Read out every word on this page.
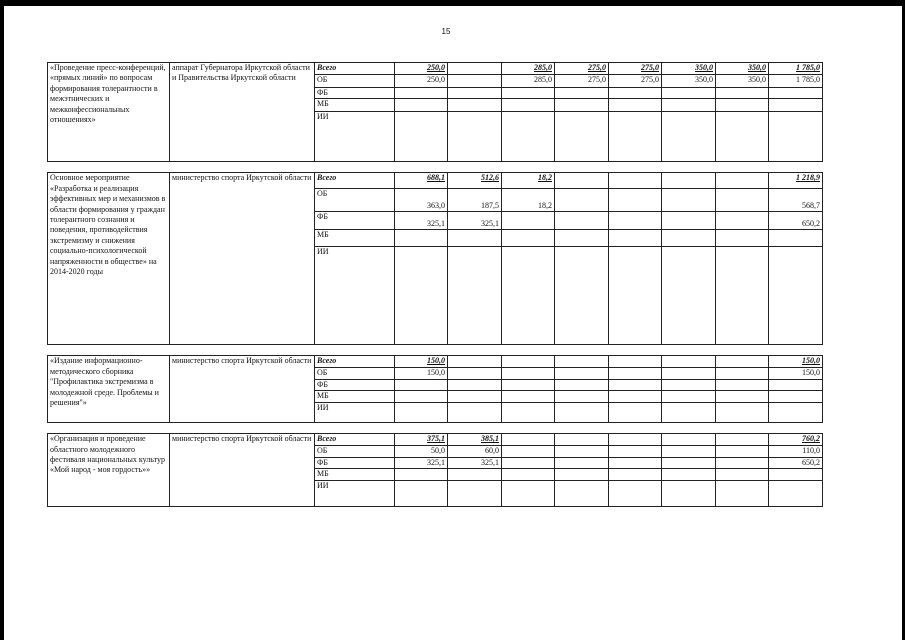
15
«Проведение пресс-конференций, «прямых линий» по вопросам формирования толерантности в межэтнических и межконфессиональных отношениях»	аппарат Губернатора Иркутской области и Правительства Иркутской области	Всего	250,0		285,0	275,0	275,0	350,0	350,0	1 785,0
		ОБ	250,0		285,0	275,0	275,0	350,0	350,0	1 785,0
		ФБ								
		МБ								
		ИИ								

Основное мероприятие «Разработка и реализация эффективных мер и механизмов в области формирования у граждан толерантного сознания и поведения, противодействия экстремизму и снижения социально-психологической напряженности в обществе» на 2014-2020 годы	министерство спорта Иркутской области	Всего	688,1	512,6	18,2					1 218,9
		ОБ	363,0	187,5	18,2					568,7
		ФБ	325,1	325,1						650,2
		МБ								
		ИИ								

«Издание информационно-методического сборника "Профилактика экстремизма в молодежной среде. Проблемы и решения"»	министерство спорта Иркутской области	Всего	150,0							150,0
		ОБ	150,0							150,0
		ФБ								
		МБ								
		ИИ								

«Организация и проведение областного молодежного фестиваля национальных культур «Мой народ - моя гордость»»	министерство спорта Иркутской области	Всего	375,1	385,1						760,2
		ОБ	50,0	60,0						110,0
		ФБ	325,1	325,1						650,2
		МБ								
		ИИ								
